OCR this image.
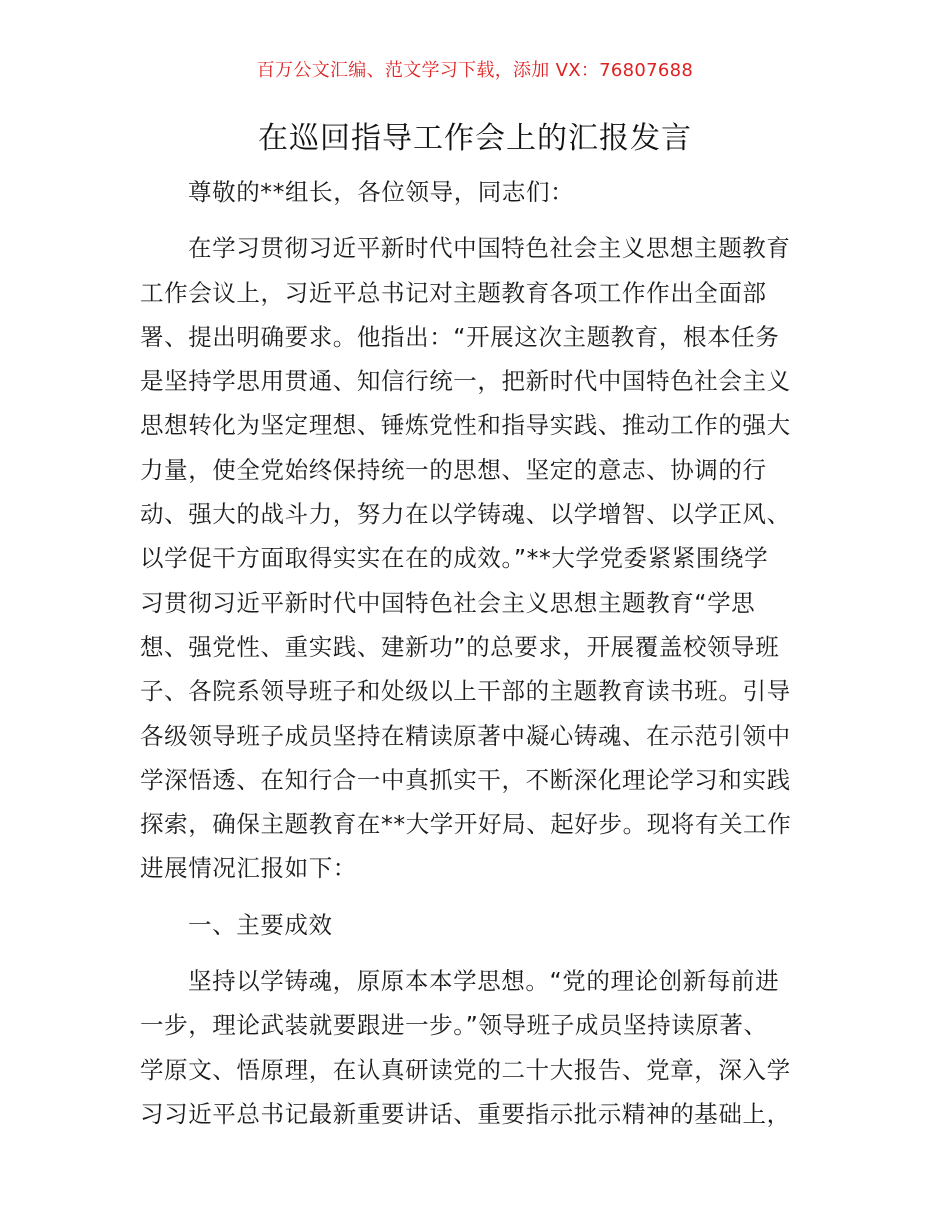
百万公文汇编、范文学习下载，添加 VX：76807688
在巡回指导工作会上的汇报发言
尊敬的**组长，各位领导，同志们：
在学习贯彻习近平新时代中国特色社会主义思想主题教育
工作会议上，习近平总书记对主题教育各项工作作出全面部
署、提出明确要求。他指出：“开展这次主题教育，根本任务
是坚持学思用贯通、知信行统一，把新时代中国特色社会主义
思想转化为坚定理想、锤炼党性和指导实践、推动工作的强大
力量，使全党始终保持统一的思想、坚定的意志、协调的行
动、强大的战斗力，努力在以学铸魂、以学增智、以学正风、
以学促干方面取得实实在在的成效。”**大学党委紧紧围绕学
习贯彻习近平新时代中国特色社会主义思想主题教育“学思
想、强党性、重实践、建新功”的总要求，开展覆盖校领导班
子、各院系领导班子和处级以上干部的主题教育读书班。引导
各级领导班子成员坚持在精读原著中凝心铸魂、在示范引领中
学深悟透、在知行合一中真抓实干，不断深化理论学习和实践
探索，确保主题教育在**大学开好局、起好步。现将有关工作
进展情况汇报如下：
一、主要成效
坚持以学铸魂，原原本本学思想。“党的理论创新每前进
一步，理论武装就要跟进一步。”领导班子成员坚持读原著、
学原文、悟原理，在认真研读党的二十大报告、党章，深入学
习习近平总书记最新重要讲话、重要指示批示精神的基础上，
